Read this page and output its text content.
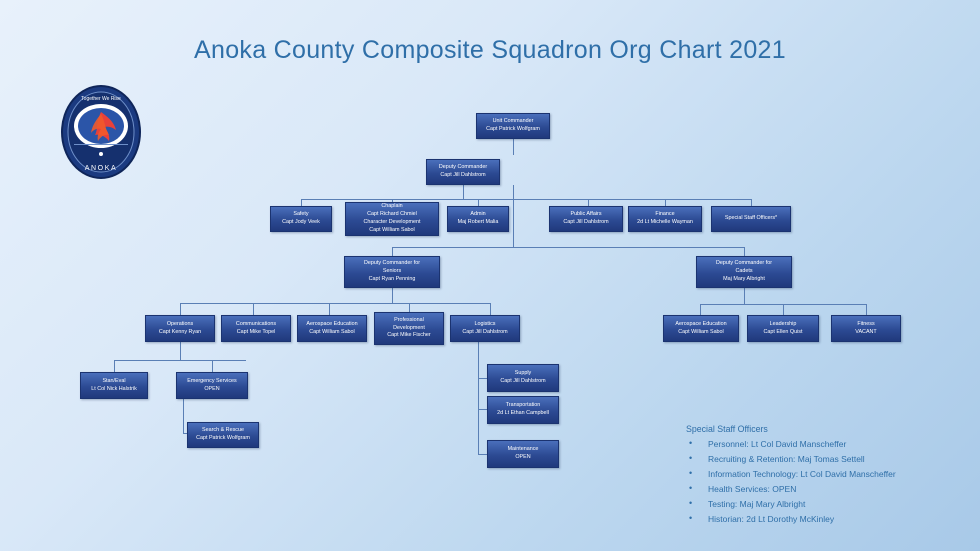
Anoka County Composite Squadron Org Chart 2021
Together We Rise
ANOKA
Unit Commander
Capt Patrick Wolfgram
Deputy Commander
Capt Jill Dahlstrom
Safety
Capt Jody Veek
Chaplain
Capt Richard Chmiel
Character Development
Capt William Sabol
Admin
Maj Robert Malia
Public Affairs
Capt Jill Dahlstrom
Finance
2d Lt Michelle Wayman
Special Staff Officers*
Deputy Commander for
Seniors
Capt Ryan Penning
Deputy Commander for
Cadets
Maj Mary Albright
Operations
Capt Kenny Ryan
Communications
Capt Mike Topel
Aerospace Education
Capt William Sabol
Professional
Development
Capt Mike Fischer
Logistics
Capt Jill Dahlstrom
Stan/Eval
Lt Col Nick Halstrik
Emergency Services
OPEN
Search & Rescue
Capt Patrick Wolfgram
Supply
Capt Jill Dahlstrom
Transportation
2d Lt Ethan Campbell
Maintenance
OPEN
Aerospace Education
Capt William Sabol
Leadership
Capt Ellen Quist
Fitness
VACANT
Special Staff Officers
• Personnel: Lt Col David Manscheffer
• Recruiting & Retention: Maj Tomas Settell
• Information Technology: Lt Col David Manscheffer
• Health Services: OPEN
• Testing: Maj Mary Albright
• Historian: 2d Lt Dorothy McKinley
